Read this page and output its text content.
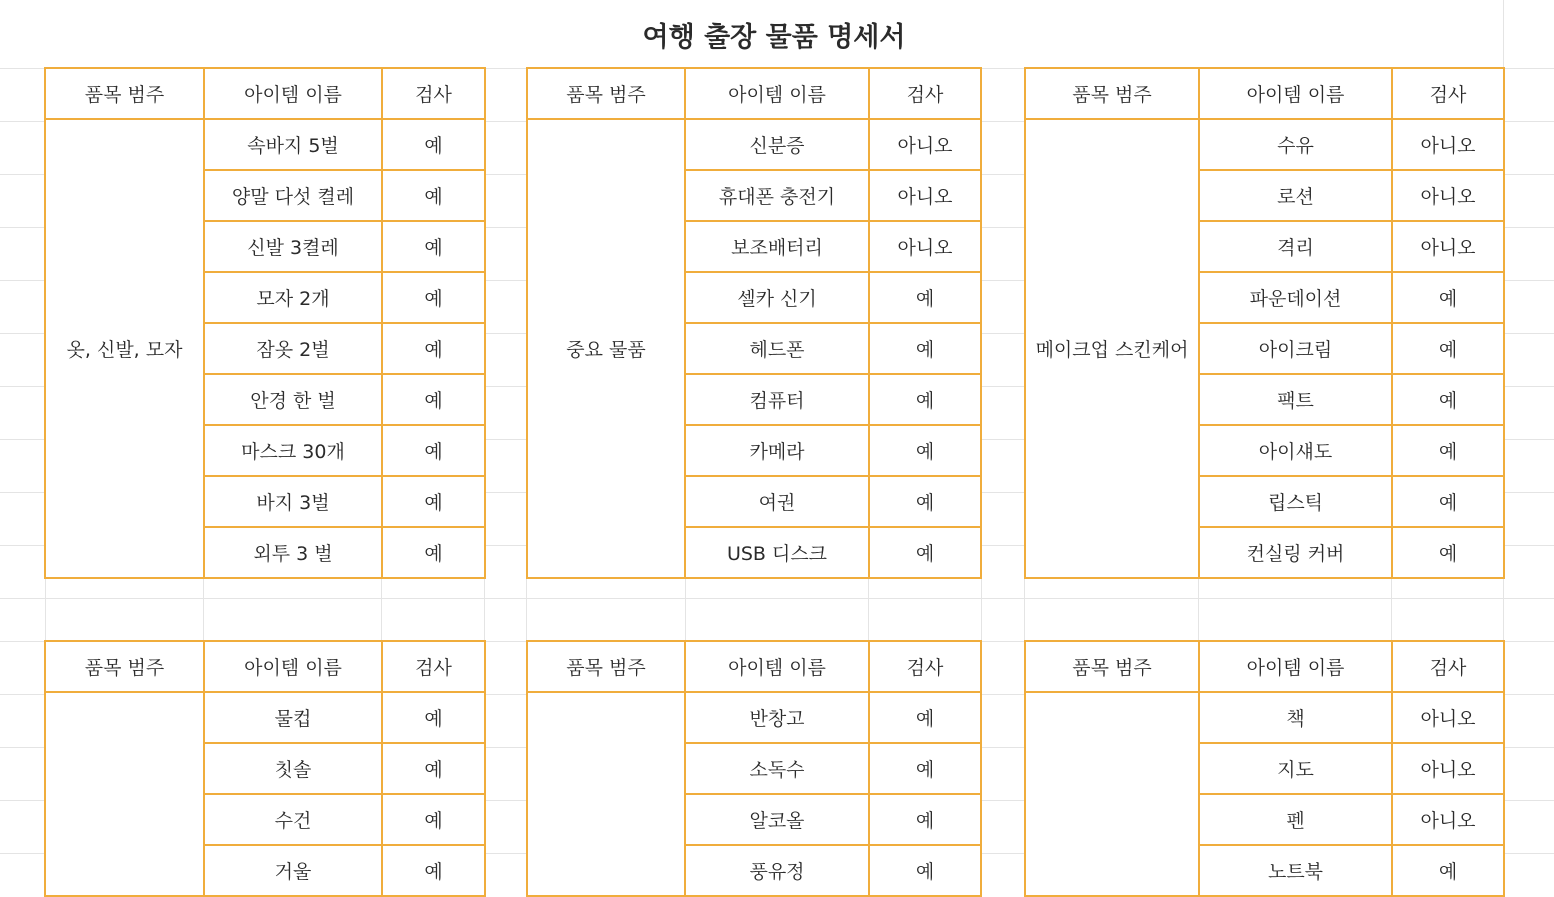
여행 출장 물품 명세서
품목 범주	아이템 이름	검사
옷, 신발, 모자	속바지 5벌	예
	양말 다섯 켤레	예
	신발 3켤레	예
	모자 2개	예
	잠옷 2벌	예
	안경 한 벌	예
	마스크 30개	예
	바지 3벌	예
	외투 3 벌	예
품목 범주	아이템 이름	검사
중요 물품	신분증	아니오
	휴대폰 충전기	아니오
	보조배터리	아니오
	셀카 신기	예
	헤드폰	예
	컴퓨터	예
	카메라	예
	여권	예
	USB 디스크	예
품목 범주	아이템 이름	검사
메이크업 스킨케어	수유	아니오
	로션	아니오
	격리	아니오
	파운데이션	예
	아이크림	예
	팩트	예
	아이섀도	예
	립스틱	예
	컨실링 커버	예
품목 범주	아이템 이름	검사
	물컵	예
	칫솔	예
	수건	예
	거울	예
품목 범주	아이템 이름	검사
	반창고	예
	소독수	예
	알코올	예
	풍유정	예
품목 범주	아이템 이름	검사
	책	아니오
	지도	아니오
	펜	아니오
	노트북	예
